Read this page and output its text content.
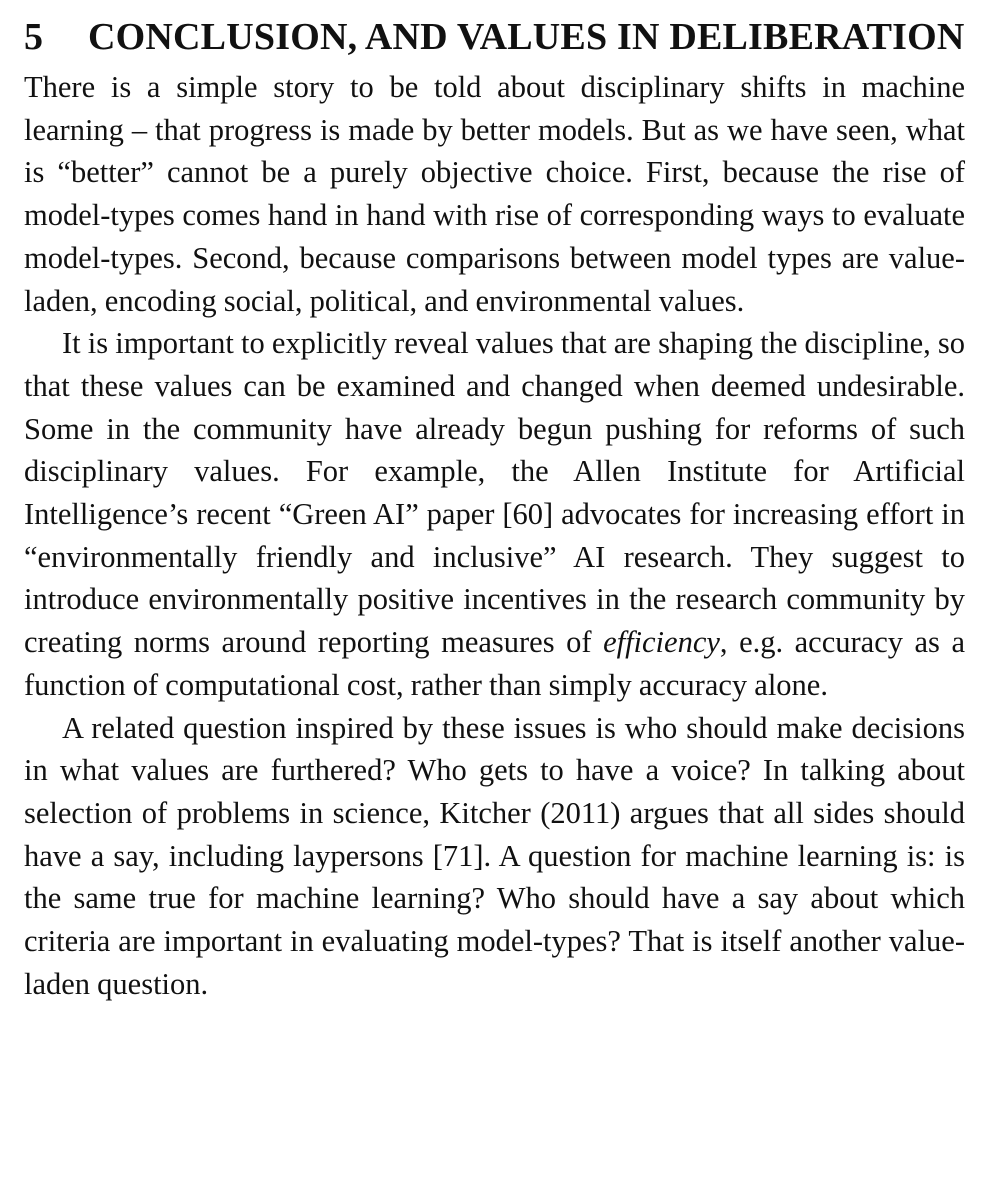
5	CONCLUSION, AND VALUES IN DELIBERATION

There is a simple story to be told about disciplinary shifts in machine learning – that progress is made by better models. But as we have seen, what is “better” cannot be a purely objective choice. First, because the rise of model-types comes hand in hand with rise of corresponding ways to evaluate model-types. Second, because comparisons between model types are value-laden, encoding social, political, and environmental values.

It is important to explicitly reveal values that are shaping the discipline, so that these values can be examined and changed when deemed undesirable. Some in the community have already begun pushing for reforms of such disciplinary values. For example, the Allen Institute for Artificial Intelligence’s recent “Green AI” paper [60] advocates for increasing effort in “environmentally friendly and inclusive” AI research. They suggest to introduce environmentally positive incentives in the research community by creating norms around reporting measures of efficiency, e.g. accuracy as a function of computational cost, rather than simply accuracy alone.

A related question inspired by these issues is who should make decisions in what values are furthered? Who gets to have a voice? In talking about selection of problems in science, Kitcher (2011) argues that all sides should have a say, including laypersons [71]. A question for machine learning is: is the same true for machine learning? Who should have a say about which criteria are important in evaluating model-types? That is itself another value-laden question.
